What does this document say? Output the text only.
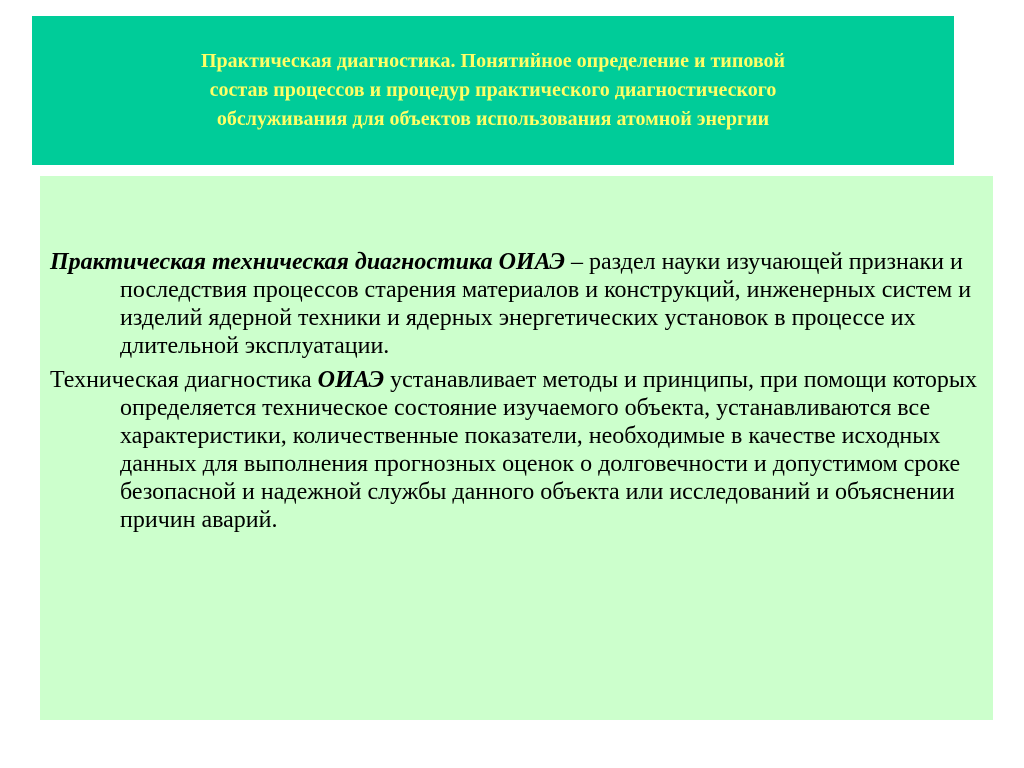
Практическая диагностика. Понятийное определение и типовой
состав процессов и процедур практического диагностического
обслуживания для объектов использования атомной энергии

Практическая техническая диагностика ОИАЭ – раздел науки изучающей признаки и последствия процессов старения материалов и конструкций, инженерных систем и изделий ядерной техники и ядерных энергетических установок в процессе их длительной эксплуатации.

Техническая диагностика ОИАЭ устанавливает методы и принципы, при помощи которых определяется техническое состояние изучаемого объекта, устанавливаются все характеристики, количественные показатели, необходимые в качестве исходных данных для выполнения прогнозных оценок о долговечности и допустимом сроке безопасной и надежной службы данного объекта или исследований и объяснении причин аварий.
